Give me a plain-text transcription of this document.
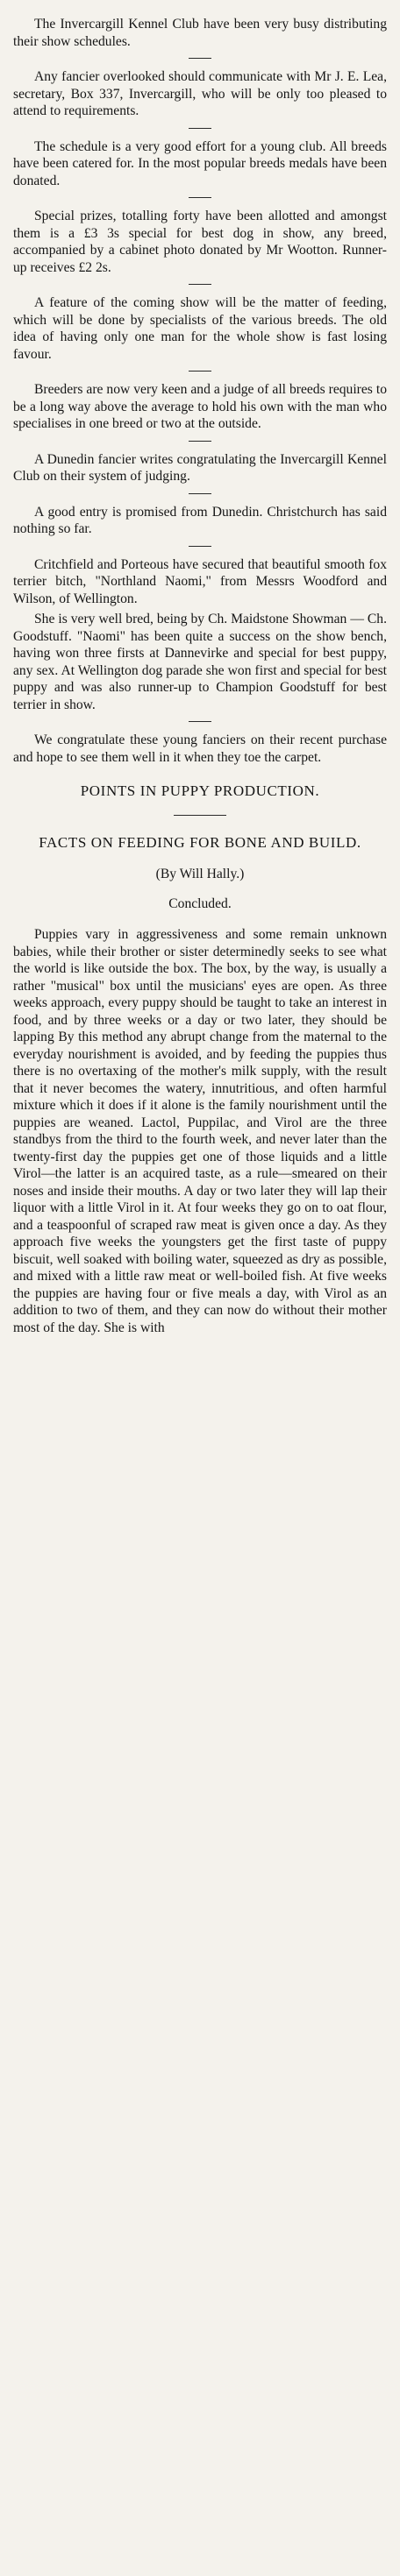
The Invercargill Kennel Club have been very busy distributing their show schedules.

Any fancier overlooked should communicate with Mr J. E. Lea, secretary, Box 337, Invercargill, who will be only too pleased to attend to requirements.

The schedule is a very good effort for a young club. All breeds have been catered for. In the most popular breeds medals have been donated.

Special prizes, totalling forty have been allotted and amongst them is a £3 3s special for best dog in show, any breed, accompanied by a cabinet photo donated by Mr Wootton. Runner-up receives £2 2s.

A feature of the coming show will be the matter of feeding, which will be done by specialists of the various breeds. The old idea of having only one man for the whole show is fast losing favour.

Breeders are now very keen and a judge of all breeds requires to be a long way above the average to hold his own with the man who specialises in one breed or two at the outside.

A Dunedin fancier writes congratulating the Invercargill Kennel Club on their system of judging.

A good entry is promised from Dunedin. Christchurch has said nothing so far.

Critchfield and Porteous have secured that beautiful smooth fox terrier bitch, "Northland Naomi," from Messrs Woodford and Wilson, of Wellington.

She is very well bred, being by Ch. Maidstone Showman — Ch. Goodstuff. "Naomi" has been quite a success on the show bench, having won three firsts at Dannevirke and special for best puppy, any sex. At Wellington dog parade she won first and special for best puppy and was also runner-up to Champion Goodstuff for best terrier in show.

We congratulate these young fanciers on their recent purchase and hope to see them well in it when they toe the carpet.

POINTS IN PUPPY PRODUCTION.
FACTS ON FEEDING FOR BONE AND BUILD.
(By Will Hally.)
Concluded.

Puppies vary in aggressiveness and some remain unknown babies, while their brother or sister determinedly seeks to see what the world is like outside the box. The box, by the way, is usually a rather "musical" box until the musicians' eyes are open. As three weeks approach, every puppy should be taught to take an interest in food, and by three weeks or a day or two later, they should be lapping By this method any abrupt change from the maternal to the everyday nourishment is avoided, and by feeding the puppies thus there is no overtaxing of the mother's milk supply, with the result that it never becomes the watery, innutritious, and often harmful mixture which it does if it alone is the family nourishment until the puppies are weaned. Lactol, Puppilac, and Virol are the three standbys from the third to the fourth week, and never later than the twenty-first day the puppies get one of those liquids and a little Virol—the latter is an acquired taste, as a rule—smeared on their noses and inside their mouths. A day or two later they will lap their liquor with a little Virol in it. At four weeks they go on to oat flour, and a teaspoonful of scraped raw meat is given once a day. As they approach five weeks the youngsters get the first taste of puppy biscuit, well soaked with boiling water, squeezed as dry as possible, and mixed with a little raw meat or well-boiled fish. At five weeks the puppies are having four or five meals a day, with Virol as an addition to two of them, and they can now do without their mother most of the day. She is with
